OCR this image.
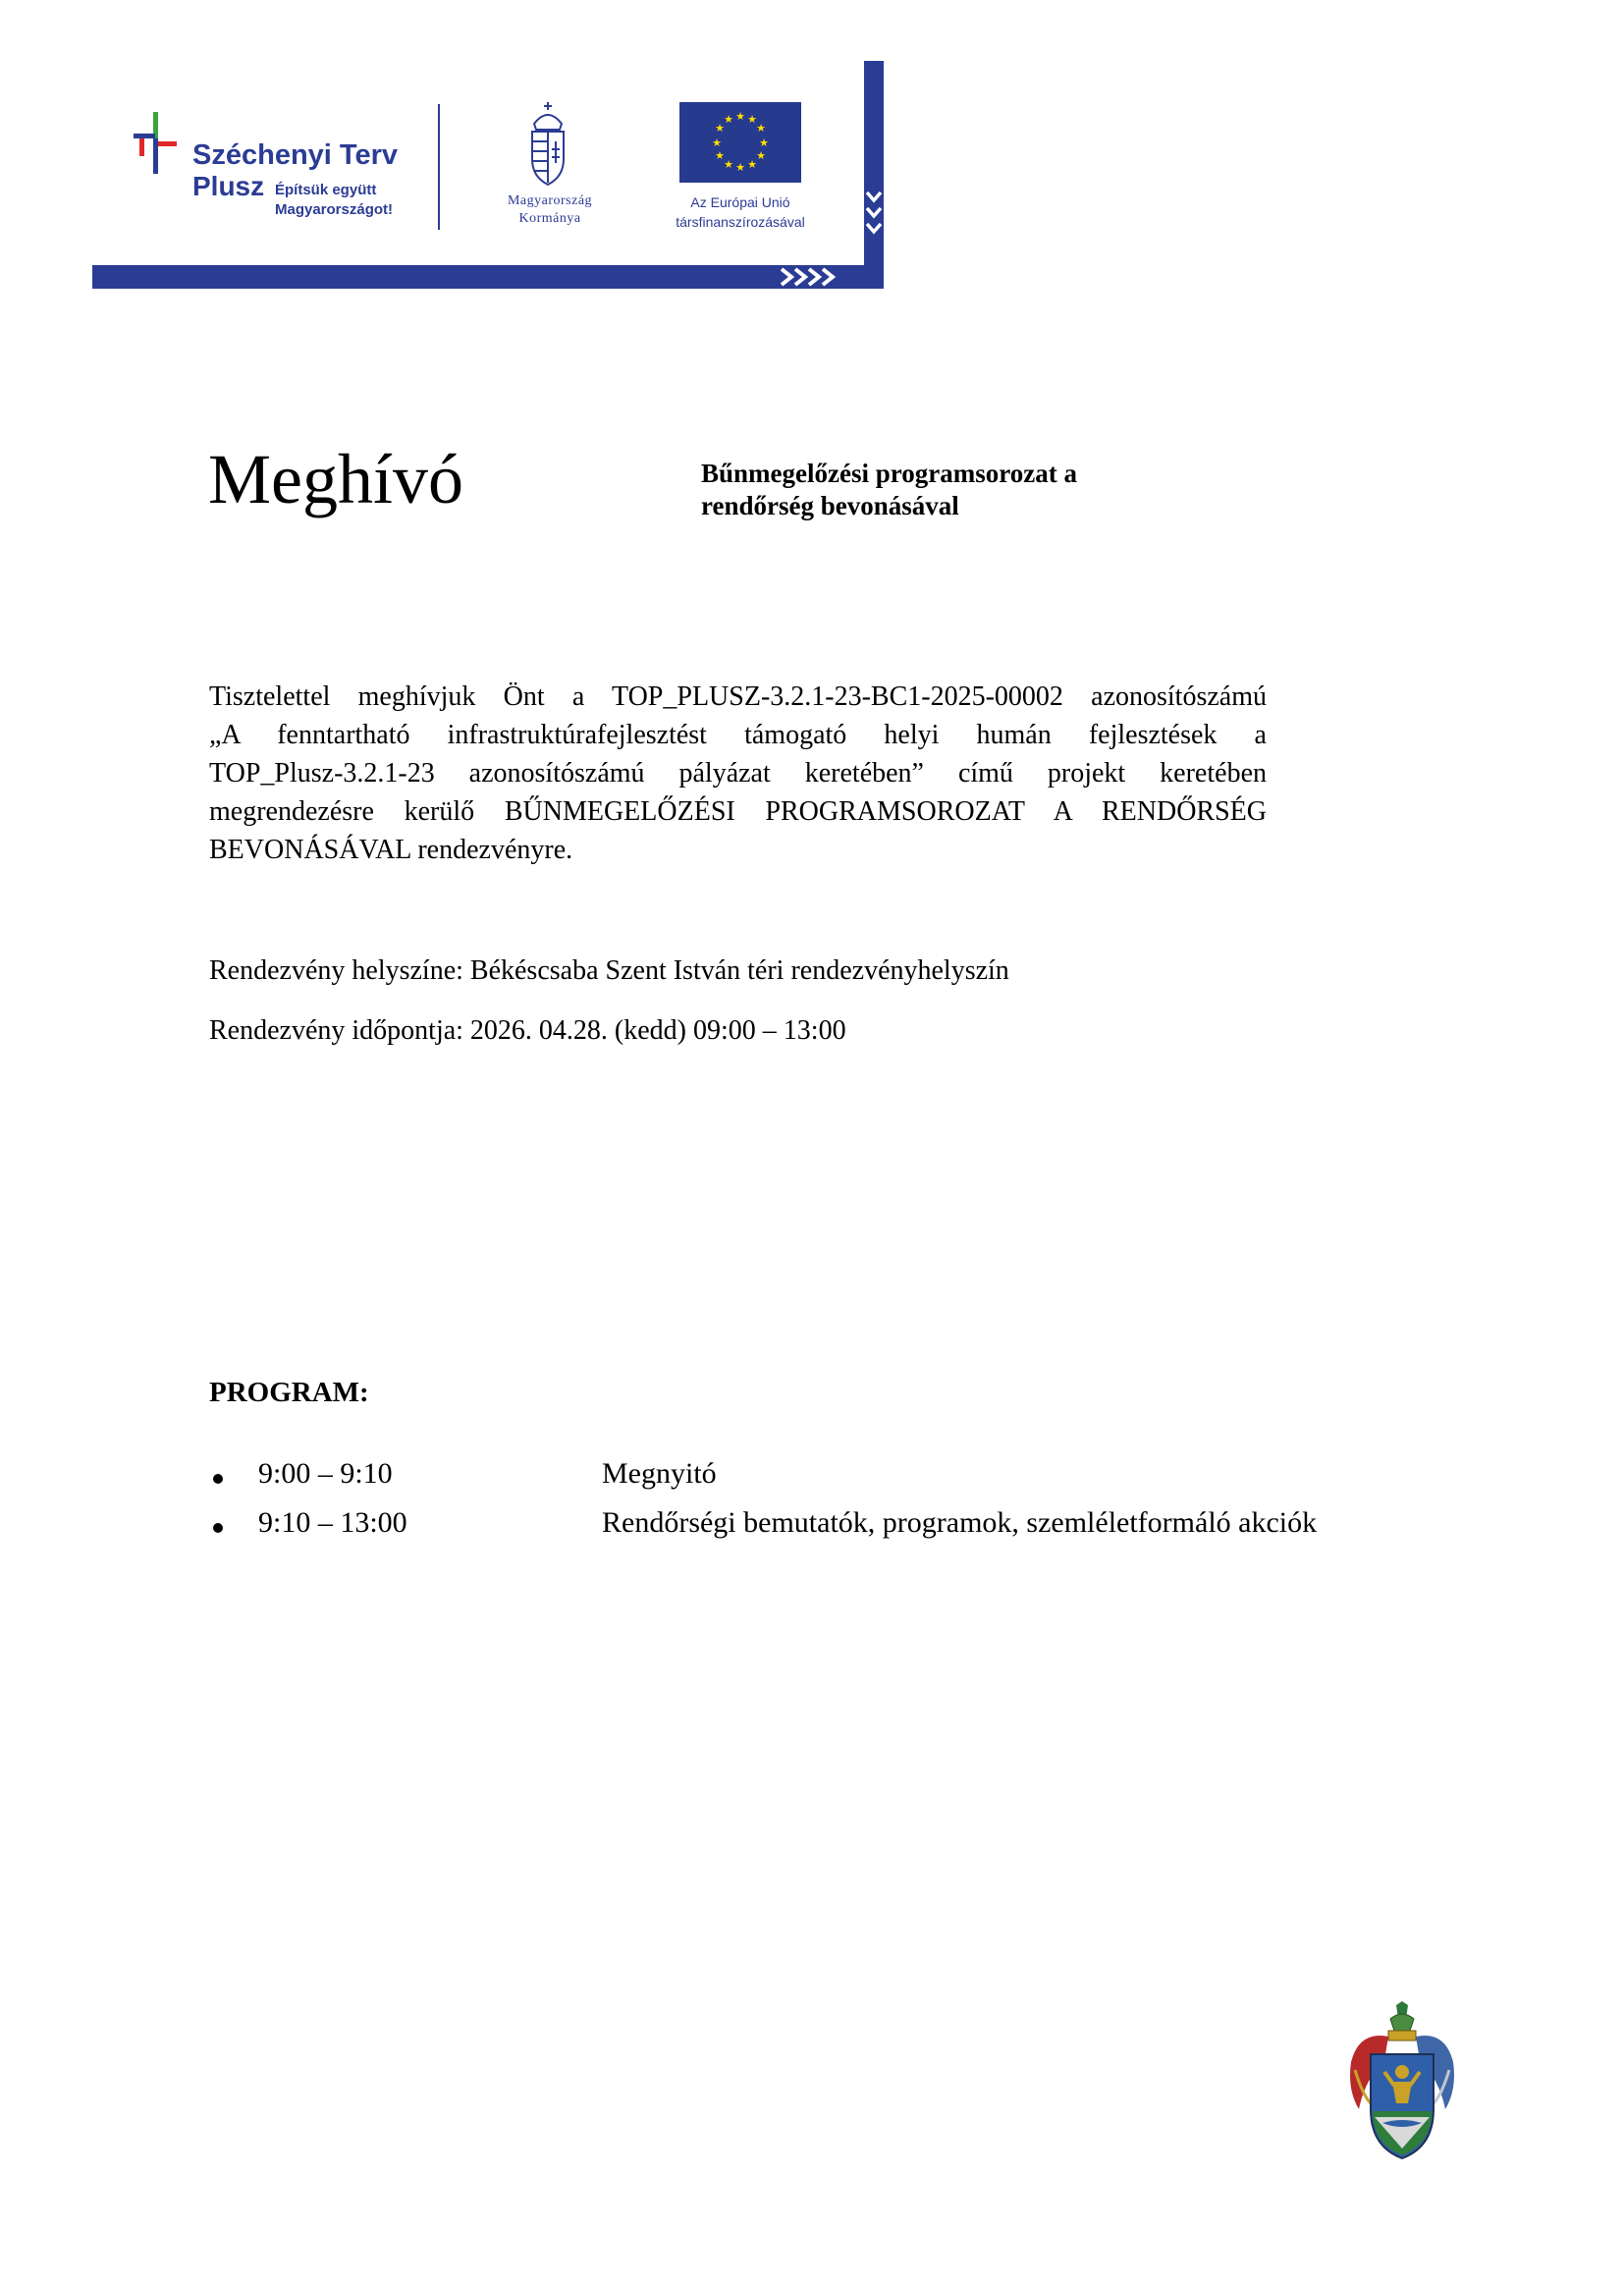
Széchenyi Terv
Plusz Építsük együtt
Magyarországot!
Magyarország
Kormánya
★ ★
★
★
★
★
★
★
★
★
★
★
Az Európai Unió
társfinanszírozásával
Meghívó	Bűnmegelőzési programsorozat a
rendőrség bevonásával
Tisztelettel meghívjuk Önt a TOP_PLUSZ-3.2.1-23-BC1-2025-00002 azonosítószámú
„A fenntartható infrastruktúrafejlesztést támogató helyi humán fejlesztések a
TOP_Plusz-3.2.1-23 azonosítószámú pályázat keretében” című projekt keretében
megrendezésre kerülő BŰNMEGELŐZÉSI PROGRAMSOROZAT A RENDŐRSÉG
BEVONÁSÁVAL rendezvényre.
Rendezvény helyszíne: Békéscsaba Szent István téri rendezvényhelyszín
Rendezvény időpontja: 2026. 04.28. (kedd) 09:00 – 13:00
PROGRAM:
9:00 – 9:10	Megnyitó
9:10 – 13:00	Rendőrségi bemutatók, programok, szemléletformáló akciók
